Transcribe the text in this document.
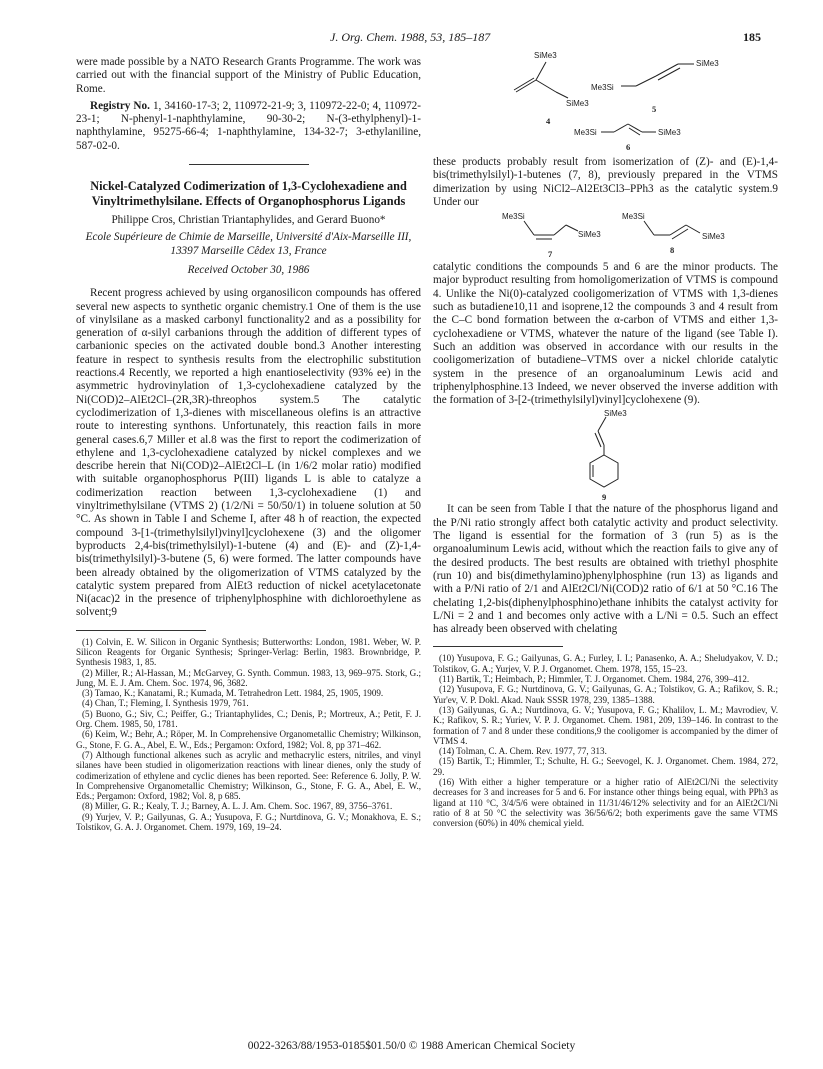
J. Org. Chem. 1988, 53, 185–187	185

were made possible by a NATO Research Grants Programme. The work was carried out with the financial support of the Ministry of Public Education, Rome.

Registry No. 1, 34160-17-3; 2, 110972-21-9; 3, 110972-22-0; 4, 110972-23-1; N-phenyl-1-naphthylamine, 90-30-2; N-(3-ethylphenyl)-1-naphthylamine, 95275-66-4; 1-naphthylamine, 134-32-7; 3-ethylaniline, 587-02-0.

Nickel-Catalyzed Codimerization of 1,3-Cyclohexadiene and Vinyltrimethylsilane. Effects of Organophosphorus Ligands
Philippe Cros, Christian Triantaphylides, and Gerard Buono*
Ecole Supérieure de Chimie de Marseille, Université d'Aix-Marseille III, 13397 Marseille Cêdex 13, France
Received October 30, 1986

Recent progress achieved by using organosilicon compounds has offered several new aspects to synthetic organic chemistry.1 One of them is the use of vinylsilane as a masked carbonyl functionality2 and as a possibility for generation of α-silyl carbanions through the addition of different types of carbanionic species on the activated double bond.3 Another interesting feature in respect to synthesis results from the electrophilic substitution reactions.4 Recently, we reported a high enantioselectivity (93% ee) in the asymmetric hydrovinylation of 1,3-cyclohexadiene catalyzed by the Ni(COD)2–AlEt2Cl–(2R,3R)-threophos system.5 The catalytic cyclodimerization of 1,3-dienes with miscellaneous olefins is an attractive route to interesting synthons. Unfortunately, this reaction fails in more general cases.6,7 Miller et al.8 was the first to report the codimerization of ethylene and 1,3-cyclohexadiene catalyzed by nickel complexes and we describe herein that Ni(COD)2–AlEt2Cl–L (in 1/6/2 molar ratio) modified with suitable organophosphorus P(III) ligands L is able to catalyze a codimerization reaction between 1,3-cyclohexadiene (1) and vinyltrimethylsilane (VTMS 2) (1/2/Ni = 50/50/1) in toluene solution at 50 °C. As shown in Table I and Scheme I, after 48 h of reaction, the expected compound 3-[1-(trimethylsilyl)vinyl]cyclohexene (3) and the oligomer byproducts 2,4-bis(trimethylsilyl)-1-butene (4) and (E)- and (Z)-1,4-bis(trimethylsilyl)-3-butene (5, 6) were formed. The latter compounds have been already obtained by the oligomerization of VTMS catalyzed by the catalytic system prepared from AlEt3 reduction of nickel acetylacetonate Ni(acac)2 in the presence of triphenylphosphine with dichloroethylene as solvent;9

(1) Colvin, E. W. Silicon in Organic Synthesis; Butterworths: London, 1981. Weber, W. P. Silicon Reagents for Organic Synthesis; Springer-Verlag: Berlin, 1983. Brownbridge, P. Synthesis 1983, 1, 85.
(2) Miller, R.; Al-Hassan, M.; McGarvey, G. Synth. Commun. 1983, 13, 969–975. Stork, G.; Jung, M. E. J. Am. Chem. Soc. 1974, 96, 3682.
(3) Tamao, K.; Kanatami, R.; Kumada, M. Tetrahedron Lett. 1984, 25, 1905, 1909.
(4) Chan, T.; Fleming, I. Synthesis 1979, 761.
(5) Buono, G.; Siv, C.; Peiffer, G.; Triantaphylides, C.; Denis, P.; Mortreux, A.; Petit, F. J. Org. Chem. 1985, 50, 1781.
(6) Keim, W.; Behr, A.; Röper, M. In Comprehensive Organometallic Chemistry; Wilkinson, G., Stone, F. G. A., Abel, E. W., Eds.; Pergamon: Oxford, 1982; Vol. 8, pp 371–462.
(7) Although functional alkenes such as acrylic and methacrylic esters, nitriles, and vinyl silanes have been studied in oligomerization reactions with linear dienes, only the study of codimerization of ethylene and cyclic dienes has been reported. See: Reference 6. Jolly, P. W. In Comprehensive Organometallic Chemistry; Wilkinson, G., Stone, F. G. A., Abel, E. W., Eds.; Pergamon: Oxford, 1982; Vol. 8, p 685.
(8) Miller, G. R.; Kealy, T. J.; Barney, A. L. J. Am. Chem. Soc. 1967, 89, 3756–3761.
(9) Yurjev, V. P.; Gailyunas, G. A.; Yusupova, F. G.; Nurtdinova, G. V.; Monakhova, E. S.; Tolstikov, G. A. J. Organomet. Chem. 1979, 169, 19–24.
SiMe3
SiMe3
4
Me3Si
SiMe3
5
Me3Si	SiMe3
6

these products probably result from isomerization of (Z)- and (E)-1,4-bis(trimethylsilyl)-1-butenes (7, 8), previously prepared in the VTMS dimerization by using NiCl2–Al2Et3Cl3–PPh3 as the catalytic system.9 Under our

Me3Si
SiMe3
7
Me3Si
SiMe3
8

catalytic conditions the compounds 5 and 6 are the minor products. The major byproduct resulting from homoligomerization of VTMS is compound 4. Unlike the Ni(0)-catalyzed cooligomerization of VTMS with 1,3-dienes such as butadiene10,11 and isoprene,12 the compounds 3 and 4 result from the C–C bond formation between the α-carbon of VTMS and either 1,3-cyclohexadiene or VTMS, whatever the nature of the ligand (see Table I). Such an addition was observed in accordance with our results in the cooligomerization of butadiene–VTMS over a nickel chloride catalytic system in the presence of an organoaluminum Lewis acid and triphenylphosphine.13 Indeed, we never observed the inverse addition with the formation of 3-[2-(trimethylsilyl)vinyl]cyclohexene (9).

SiMe3
9

It can be seen from Table I that the nature of the phosphorus ligand and the P/Ni ratio strongly affect both catalytic activity and product selectivity. The ligand is essential for the formation of 3 (run 5) as is the organoaluminum Lewis acid, without which the reaction fails to give any of the desired products. The best results are obtained with triethyl phosphite (run 10) and bis(dimethylamino)phenylphosphine (run 13) as ligands and with a P/Ni ratio of 2/1 and AlEt2Cl/Ni(COD)2 ratio of 6/1 at 50 °C.16 The chelating 1,2-bis(diphenylphosphino)ethane inhibits the catalyst activity for L/Ni = 2 and 1 and becomes only active with a L/Ni = 0.5. Such an effect has already been observed with chelating

(10) Yusupova, F. G.; Gailyunas, G. A.; Furley, I. I.; Panasenko, A. A.; Sheludyakov, V. D.; Tolstikov, G. A.; Yurjev, V. P. J. Organomet. Chem. 1978, 155, 15–23.
(11) Bartik, T.; Heimbach, P.; Himmler, T. J. Organomet. Chem. 1984, 276, 399–412.
(12) Yusupova, F. G.; Nurtdinova, G. V.; Gailyunas, G. A.; Tolstikov, G. A.; Rafikov, S. R.; Yur'ev, V. P. Dokl. Akad. Nauk SSSR 1978, 239, 1385–1388.
(13) Gailyunas, G. A.; Nurtdinova, G. V.; Yusupova, F. G.; Khalilov, L. M.; Mavrodiev, V. K.; Rafikov, S. R.; Yuriev, V. P. J. Organomet. Chem. 1981, 209, 139–146. In contrast to the formation of 7 and 8 under these conditions,9 the cooligomer is accompanied by the dimer of VTMS 4.
(14) Tolman, C. A. Chem. Rev. 1977, 77, 313.
(15) Bartik, T.; Himmler, T.; Schulte, H. G.; Seevogel, K. J. Organomet. Chem. 1984, 272, 29.
(16) With either a higher temperature or a higher ratio of AlEt2Cl/Ni the selectivity decreases for 3 and increases for 5 and 6. For instance other things being equal, with PPh3 as ligand at 110 °C, 3/4/5/6 were obtained in 11/31/46/12% selectivity and for an AlEt2Cl/Ni ratio of 8 at 50 °C the selectivity was 36/56/6/2; both experiments gave the same VTMS conversion (60%) in 40% chemical yield.
0022-3263/88/1953-0185$01.50/0 © 1988 American Chemical Society
